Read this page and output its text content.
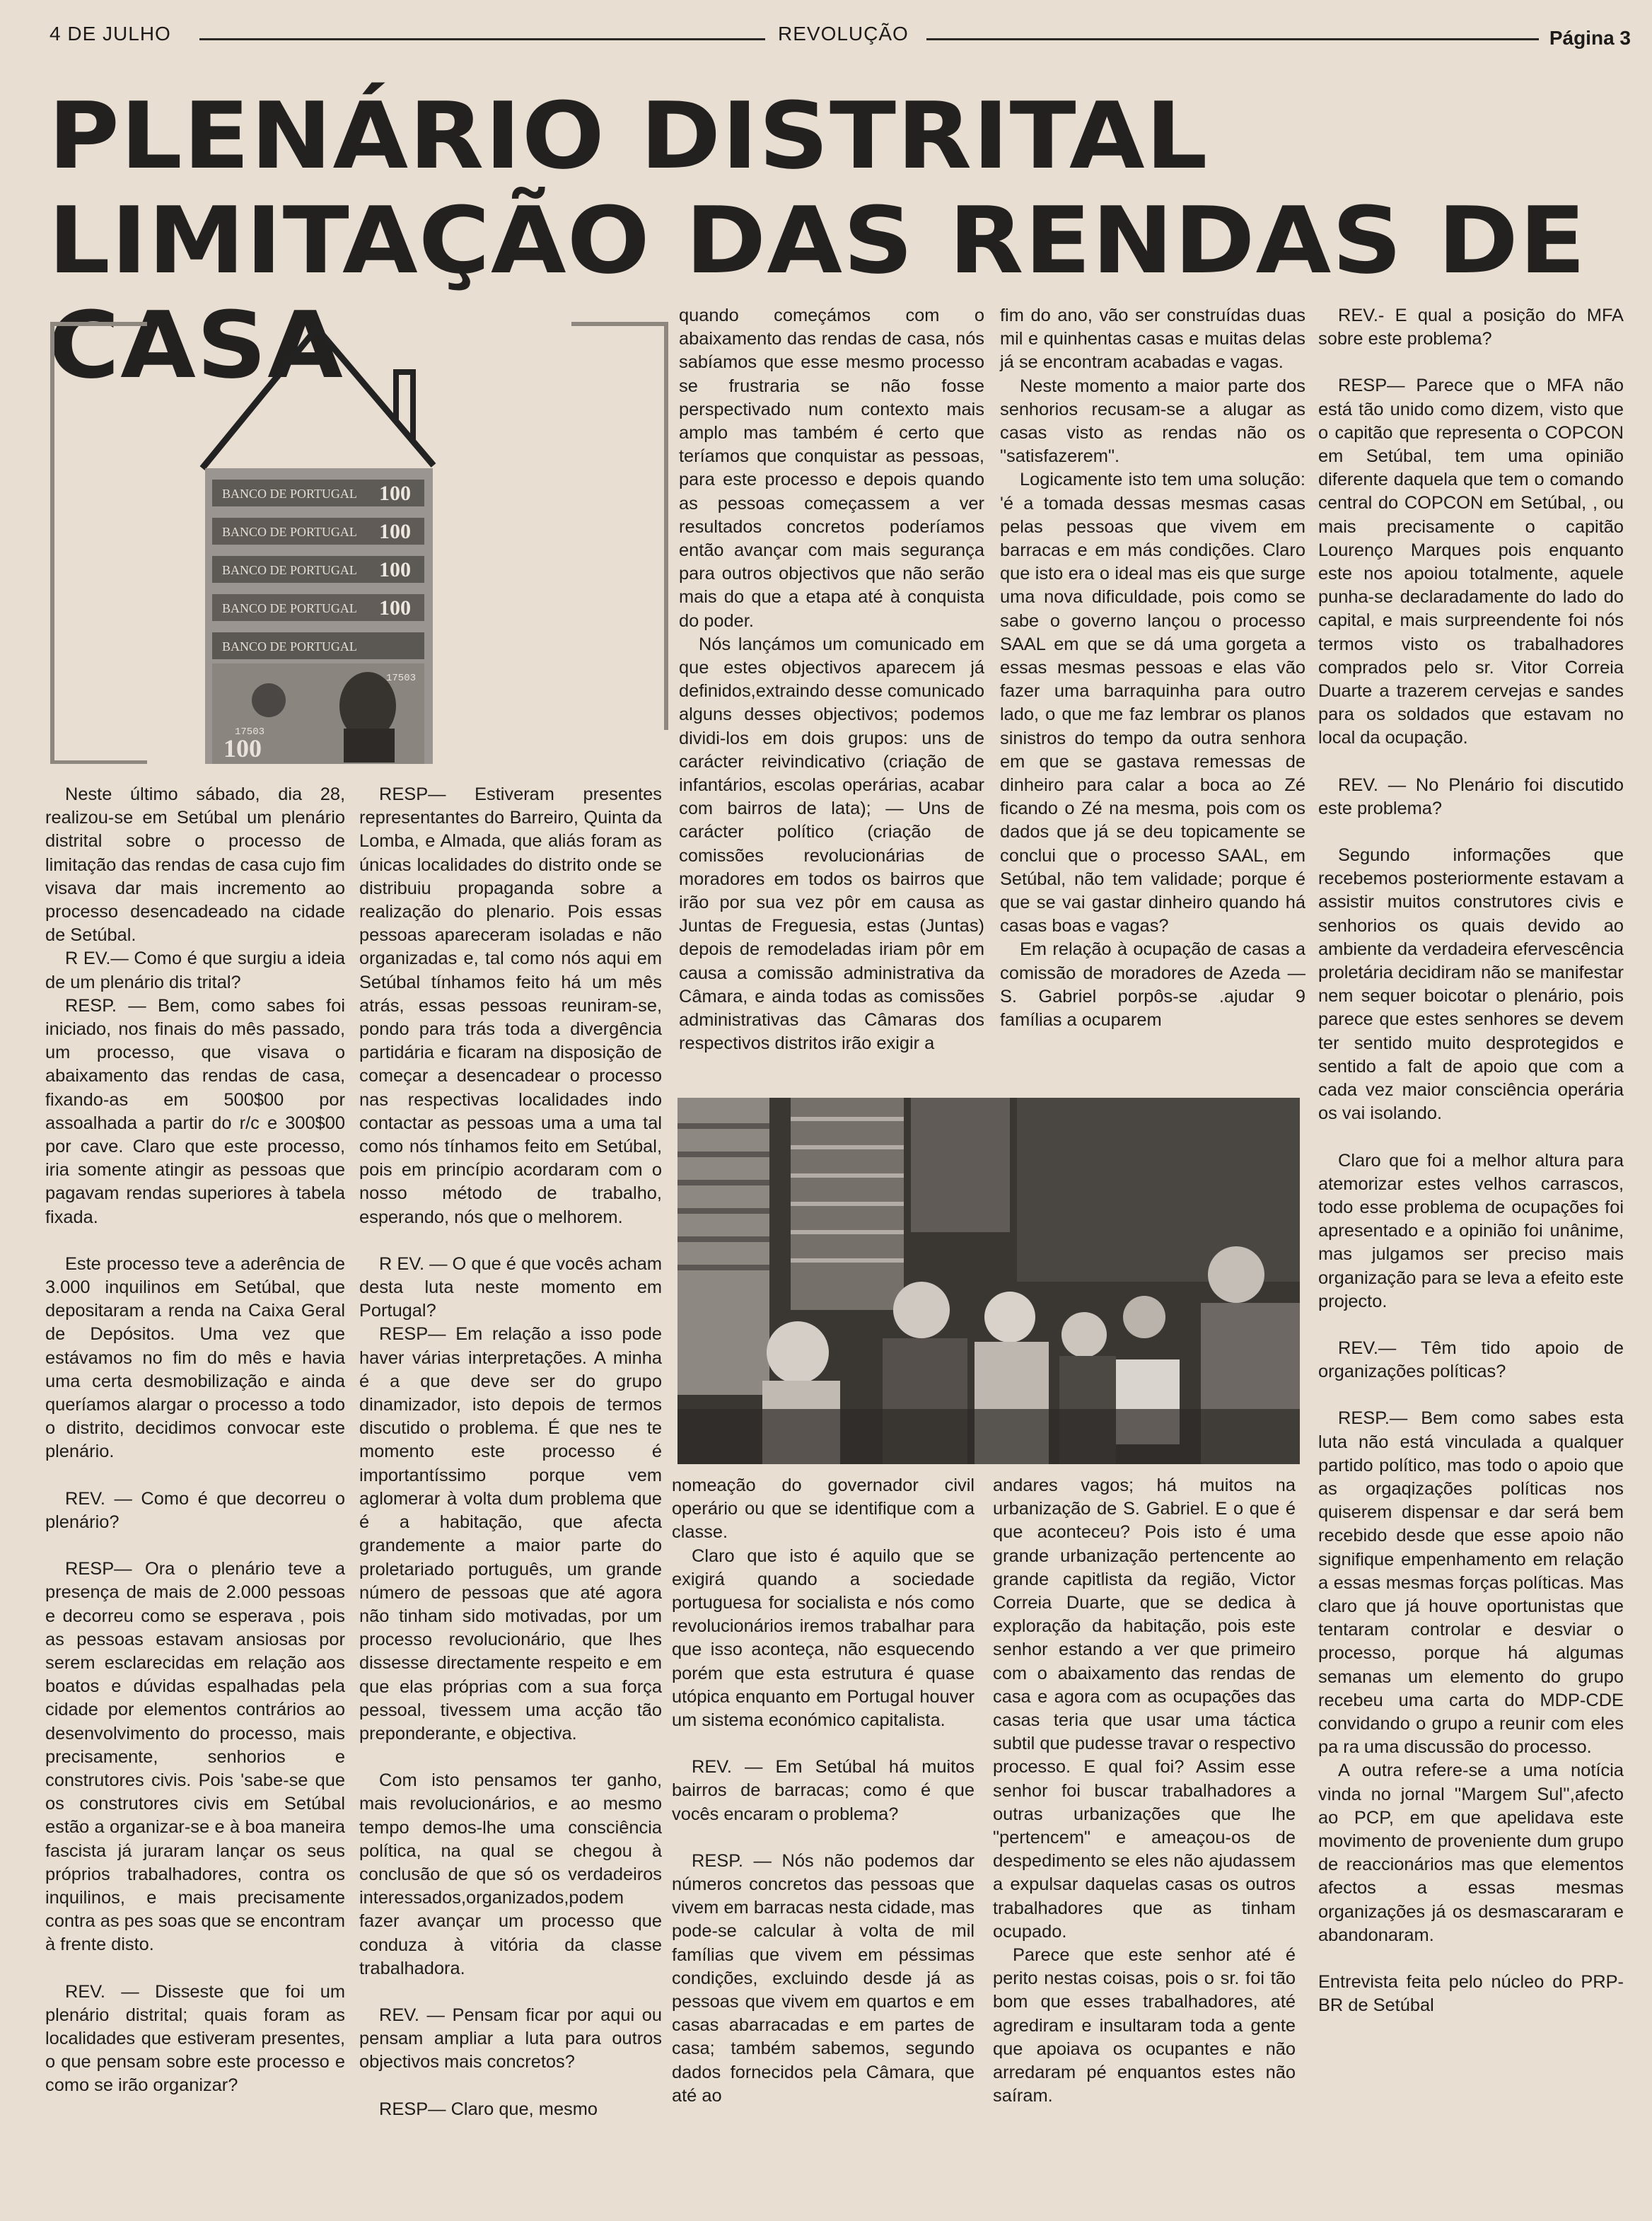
4 DE JULHO	REVOLUÇÃO	Página 3
PLENÁRIO DISTRITAL
LIMITAÇÃO DAS RENDAS DE CASA
BANCO DE PORTUGAL
BANCO DE PORTUGAL
BANCO DE PORTUGAL
BANCO DE PORTUGAL
BANCO DE PORTUGAL
100
100
100
100
100
17503
17503

Neste último sábado, dia 28, realizou-se em Setúbal um plenário distrital sobre o processo de limitação das rendas de casa cujo fim visava dar mais incremento ao processo desencadeado na cidade de Setúbal.

R EV.— Como é que surgiu a ideia de um plenário dis trital?

RESP. — Bem, como sabes foi iniciado, nos finais do mês passado, um processo, que visava o abaixamento das rendas de casa, fixando-as em 500$00 por assoalhada a partir do r/c e 300$00 por cave. Claro que este processo, iria somente atingir as pessoas que pagavam rendas superiores à tabela fixada.

Este processo teve a aderência de 3.000 inquilinos em Setúbal, que depositaram a renda na Caixa Geral de Depósitos. Uma vez que estávamos no fim do mês e havia uma certa desmobilização e ainda queríamos alargar o processo a todo o distrito, decidimos convocar este plenário.

REV. — Como é que decorreu o plenário?

RESP— Ora o plenário teve a presença de mais de 2.000 pessoas e decorreu como se esperava , pois as pessoas estavam ansiosas por serem esclarecidas em relação aos boatos e dúvidas espalhadas pela cidade por elementos contrários ao desenvolvimento do processo, mais precisamente, senhorios e construtores civis. Pois 'sabe-se que os construtores civis em Setúbal estão a organizar-se e à boa maneira fascista já juraram lançar os seus próprios trabalhadores, contra os inquilinos, e mais precisamente contra as pes soas que se encontram à frente disto.

REV. — Disseste que foi um plenário distrital; quais foram as localidades que estiveram presentes, o que pensam sobre este processo e como se irão organizar?

RESP— Estiveram presentes representantes do Barreiro, Quinta da Lomba, e Almada, que aliás foram as únicas localidades do distrito onde se distribuiu propaganda sobre a realização do plenario. Pois essas pessoas apareceram isoladas e não organizadas e, tal como nós aqui em Setúbal tínhamos feito há um mês atrás, essas pessoas reuniram-se, pondo para trás toda a divergência partidária e ficaram na disposição de começar a desencadear o processo nas respectivas localidades indo contactar as pessoas uma a uma tal como nós tínhamos feito em Setúbal, pois em princípio acordaram com o nosso método de trabalho, esperando, nós que o melhorem.

R EV. — O que é que vocês acham desta luta neste momento em Portugal?

RESP— Em relação a isso pode haver várias interpretações. A minha é a que deve ser do grupo dinamizador, isto depois de termos discutido o problema. É que nes te momento este processo é importantíssimo porque vem aglomerar à volta dum problema que é a habitação, que afecta grandemente a maior parte do proletariado português, um grande número de pessoas que até agora não tinham sido motivadas, por um processo revolucionário, que lhes dissesse directamente respeito e em que elas próprias com a sua força pessoal, tivessem uma acção tão preponderante, e objectiva.

Com isto pensamos ter ganho, mais revolucionários, e ao mesmo tempo demos-lhe uma consciência política, na qual se chegou à conclusão de que só os verdadeiros interessados,organizados,podem fazer avançar um processo que conduza à vitória da classe trabalhadora.

REV. — Pensam ficar por aqui ou pensam ampliar a luta para outros objectivos mais concretos?

RESP— Claro que, mesmo

quando começámos com o abaixamento das rendas de casa, nós sabíamos que esse mesmo processo se frustraria se não fosse perspectivado num contexto mais amplo mas também é certo que teríamos que conquistar as pessoas, para este processo e depois quando as pessoas começassem a ver resultados concretos poderíamos então avançar com mais segurança para outros objectivos que não serão mais do que a etapa até à conquista do poder.

Nós lançámos um comunicado em que estes objectivos aparecem já definidos,extraindo desse comunicado alguns desses objectivos; podemos dividi-los em dois grupos: uns de carácter reivindicativo (criação de infantários, escolas operárias, acabar com bairros de lata); — Uns de carácter político (criação de comissões revolucionárias de moradores em todos os bairros que irão por sua vez pôr em causa as Juntas de Freguesia, estas (Juntas) depois de remodeladas iriam pôr em causa a comissão administrativa da Câmara, e ainda todas as comissões administrativas das Câmaras dos respectivos distritos irão exigir a

fim do ano, vão ser construídas duas mil e quinhentas casas e muitas delas já se encontram acabadas e vagas.

Neste momento a maior parte dos senhorios recusam-se a alugar as casas visto as rendas não os "satisfazerem".

Logicamente isto tem uma solução: 'é a tomada dessas mesmas casas pelas pessoas que vivem em barracas e em más condições. Claro que isto era o ideal mas eis que surge uma nova dificuldade, pois como se sabe o governo lançou o processo SAAL em que se dá uma gorgeta a essas mesmas pessoas e elas vão fazer uma barraquinha para outro lado, o que me faz lembrar os planos sinistros do tempo da outra senhora em que se gastava remessas de dinheiro para calar a boca ao Zé ficando o Zé na mesma, pois com os dados que já se deu topicamente se conclui que o processo SAAL, em Setúbal, não tem validade; porque é que se vai gastar dinheiro quando há casas boas e vagas?

Em relação à ocupação de casas a comissão de moradores de Azeda — S. Gabriel porpôs-se .ajudar 9 famílias a ocuparem

nomeação do governador civil operário ou que se identifique com a classe.

Claro que isto é aquilo que se exigirá quando a sociedade portuguesa for socialista e nós como revolucionários iremos trabalhar para que isso aconteça, não esquecendo porém que esta estrutura é quase utópica enquanto em Portugal houver um sistema económico capitalista.

REV. — Em Setúbal há muitos bairros de barracas; como é que vocês encaram o problema?

RESP. — Nós não podemos dar números concretos das pessoas que vivem em barracas nesta cidade, mas pode-se calcular à volta de mil famílias que vivem em péssimas condições, excluindo desde já as pessoas que vivem em quartos e em casas abarracadas e em partes de casa; também sabemos, segundo dados fornecidos pela Câmara, que até ao

andares vagos; há muitos na urbanização de S. Gabriel. E o que é que aconteceu? Pois isto é uma grande urbanização pertencente ao grande capitlista da região, Victor Correia Duarte, que se dedica à exploração da habitação, pois este senhor estando a ver que primeiro com o abaixamento das rendas de casa e agora com as ocupações das casas teria que usar uma táctica subtil que pudesse travar o respectivo processo. E qual foi? Assim esse senhor foi buscar trabalhadores a outras urbanizações que lhe "pertencem" e ameaçou-os de despedimento se eles não ajudassem a expulsar daquelas casas os outros trabalhadores que as tinham ocupado.

Parece que este senhor até é perito nestas coisas, pois o sr. foi tão bom que esses trabalhadores, até agrediram e insultaram toda a gente que apoiava os ocupantes e não arredaram pé enquantos estes não saíram.

REV.- E qual a posição do MFA sobre este problema?

RESP— Parece que o MFA não está tão unido como dizem, visto que o capitão que representa o COPCON em Setúbal, tem uma opinião diferente daquela que tem o comando central do COPCON em Setúbal, , ou mais precisamente o capitão Lourenço Marques pois enquanto este nos apoiou totalmente, aquele punha-se declaradamente do lado do capital, e mais surpreendente foi nós termos visto os trabalhadores comprados pelo sr. Vitor Correia Duarte a trazerem cervejas e sandes para os soldados que estavam no local da ocupação.

REV. — No Plenário foi discutido este problema?

Segundo informações que recebemos posteriormente estavam a assistir muitos construtores civis e senhorios os quais devido ao ambiente da verdadeira efervescência proletária decidiram não se manifestar nem sequer boicotar o plenário, pois parece que estes senhores se devem ter sentido muito desprotegidos e sentido a falt de apoio que com a cada vez maior consciência operária os vai isolando.

Claro que foi a melhor altura para atemorizar estes velhos carrascos, todo esse problema de ocupações foi apresentado e a opinião foi unânime, mas julgamos ser preciso mais organização para se leva a efeito este projecto.

REV.— Têm tido apoio de organizações políticas?

RESP.— Bem como sabes esta luta não está vinculada a qualquer partido político, mas todo o apoio que as orgaqizações políticas nos quiserem dispensar e dar será bem recebido desde que esse apoio não signifique empenhamento em relação a essas mesmas forças políticas. Mas claro que já houve oportunistas que tentaram controlar e desviar o processo, porque há algumas semanas um elemento do grupo recebeu uma carta do MDP-CDE convidando o grupo a reunir com eles pa ra uma discussão do processo.

A outra refere-se a uma notícia vinda no jornal ''Margem Sul'',afecto ao PCP, em que apelidava este movimento de proveniente dum grupo de reaccionários mas que elementos afectos a essas mesmas organizações já os desmascararam e abandonaram.

Entrevista feita pelo núcleo do PRP-BR de Setúbal
